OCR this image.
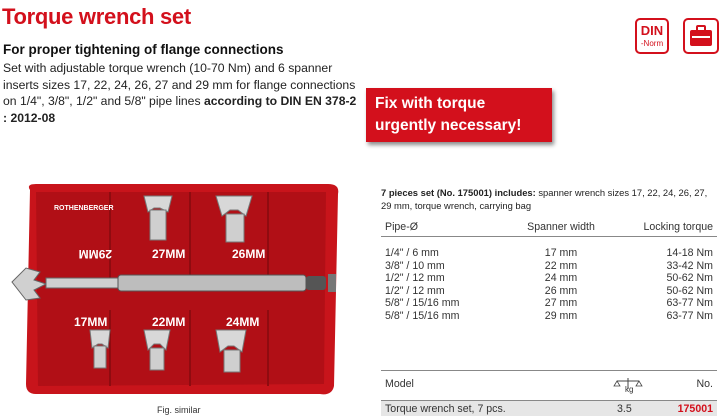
Torque wrench set
For proper tightening of flange connections
Set with adjustable torque wrench (10-70 Nm) and 6 spanner inserts sizes 17, 22, 24, 26, 27 and 29 mm for flange connections on 1/4", 3/8", 1/2" and 5/8" pipe lines according to DIN EN 378-2 : 2012-08
DIN
-Norm
Fix with torque
urgently necessary!
ROTHENBERGER
26MM
27MM
29MM
17MM	22MM	24MM
Fig. similar
7 pieces set (No. 175001) includes: spanner wrench sizes 17, 22, 24, 26, 27, 29 mm, torque wrench, carrying bag
Pipe-Ø	Spanner width	Locking torque
1/4" / 6 mm	17 mm	14-18 Nm
3/8" / 10 mm	22 mm	33-42 Nm
1/2" / 12 mm	24 mm	50-62 Nm
1/2" / 12 mm	26 mm	50-62 Nm
5/8" / 15/16 mm	27 mm	63-77 Nm
5/8" / 15/16 mm	29 mm	63-77 Nm
Model	kg	No.
Torque wrench set, 7 pcs.	3.5	175001
